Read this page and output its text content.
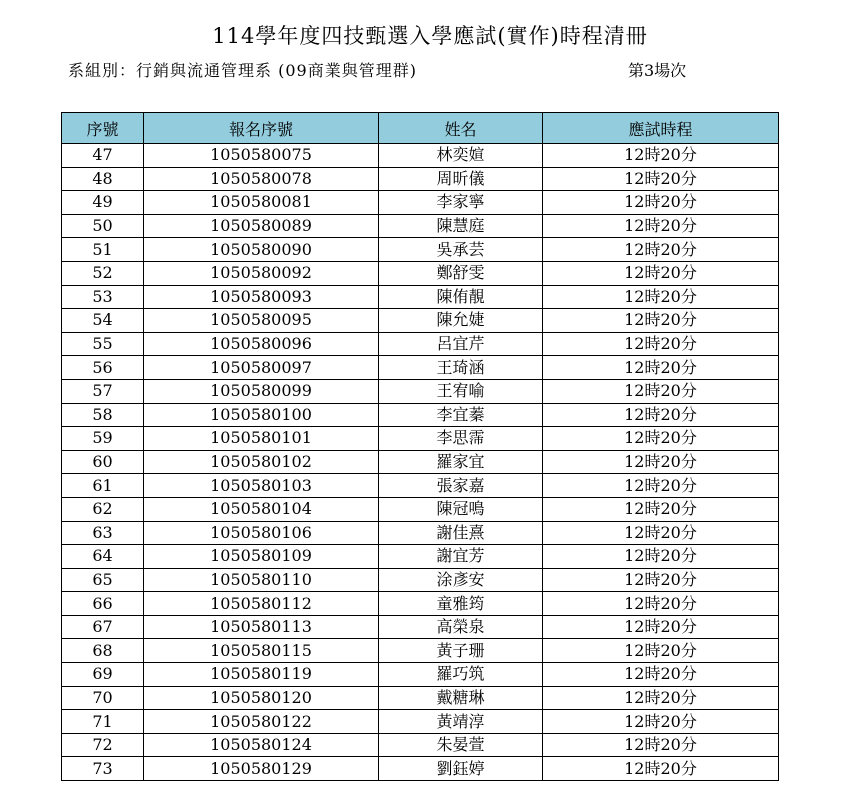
114學年度四技甄選入學應試(實作)時程清冊
系組別：行銷與流通管理系 (09商業與管理群)	第3場次
序號	報名序號	姓名	應試時程
47	1050580075	林奕媗	12時20分
48	1050580078	周昕儀	12時20分
49	1050580081	李家寧	12時20分
50	1050580089	陳慧庭	12時20分
51	1050580090	吳承芸	12時20分
52	1050580092	鄭舒雯	12時20分
53	1050580093	陳侑靚	12時20分
54	1050580095	陳允婕	12時20分
55	1050580096	呂宜芹	12時20分
56	1050580097	王琦涵	12時20分
57	1050580099	王宥喻	12時20分
58	1050580100	李宜蓁	12時20分
59	1050580101	李思霈	12時20分
60	1050580102	羅家宜	12時20分
61	1050580103	張家嘉	12時20分
62	1050580104	陳冠鳴	12時20分
63	1050580106	謝佳熹	12時20分
64	1050580109	謝宜芳	12時20分
65	1050580110	涂彥安	12時20分
66	1050580112	童雅筠	12時20分
67	1050580113	高榮泉	12時20分
68	1050580115	黃子珊	12時20分
69	1050580119	羅巧筑	12時20分
70	1050580120	戴糖琳	12時20分
71	1050580122	黃靖淳	12時20分
72	1050580124	朱晏萱	12時20分
73	1050580129	劉鈺婷	12時20分
